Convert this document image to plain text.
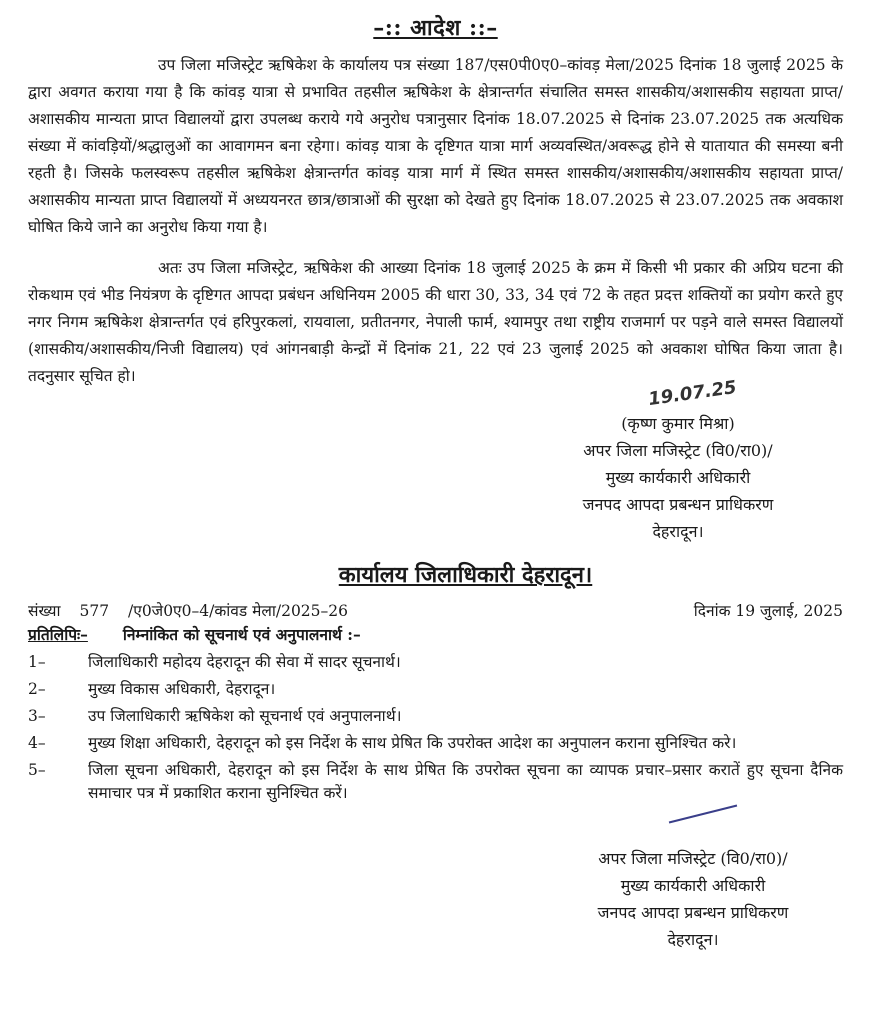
–:: आदेश ::–

उप जिला मजिस्ट्रेट ऋषिकेश के कार्यालय पत्र संख्या 187/एस0पी0ए0–कांवड़ मेला/2025 दिनांक 18 जुलाई 2025 के द्वारा अवगत कराया गया है कि कांवड़ यात्रा से प्रभावित तहसील ऋषिकेश के क्षेत्रान्तर्गत संचालित समस्त शासकीय/अशासकीय सहायता प्राप्त/अशासकीय मान्यता प्राप्त विद्यालयों द्वारा उपलब्ध कराये गये अनुरोध पत्रानुसार दिनांक 18.07.2025 से दिनांक 23.07.2025 तक अत्यधिक संख्या में कांवड़ियों/श्रद्धालुओं का आवागमन बना रहेगा। कांवड़ यात्रा के दृष्टिगत यात्रा मार्ग अव्यवस्थित/अवरूद्ध होने से यातायात की समस्या बनी रहती है। जिसके फलस्वरूप तहसील ऋषिकेश क्षेत्रान्तर्गत कांवड़ यात्रा मार्ग में स्थित समस्त शासकीय/अशासकीय/अशासकीय सहायता प्राप्त/अशासकीय मान्यता प्राप्त विद्यालयों में अध्ययनरत छात्र/छात्राओं की सुरक्षा को देखते हुए दिनांक 18.07.2025 से 23.07.2025 तक अवकाश घोषित किये जाने का अनुरोध किया गया है।

अतः उप जिला मजिस्ट्रेट, ऋषिकेश की आख्या दिनांक 18 जुलाई 2025 के क्रम में किसी भी प्रकार की अप्रिय घटना की रोकथाम एवं भीड नियंत्रण के दृष्टिगत आपदा प्रबंधन अधिनियम 2005 की धारा 30, 33, 34 एवं 72 के तहत प्रदत्त शक्तियों का प्रयोग करते हुए नगर निगम ऋषिकेश क्षेत्रान्तर्गत एवं हरिपुरकलां, रायवाला, प्रतीतनगर, नेपाली फार्म, श्यामपुर तथा राष्ट्रीय राजमार्ग पर पड़ने वाले समस्त विद्यालयों (शासकीय/अशासकीय/निजी विद्यालय) एवं आंगनबाड़ी केन्द्रों में दिनांक 21, 22 एवं 23 जुलाई 2025 को अवकाश घोषित किया जाता है। तदनुसार सूचित हो।

19.07.25
(कृष्ण कुमार मिश्रा)
अपर जिला मजिस्ट्रेट (वि0/रा0)/
मुख्य कार्यकारी अधिकारी
जनपद आपदा प्रबन्धन प्राधिकरण
देहरादून।
कार्यालय जिलाधिकारी देहरादून।
संख्या 577 /ए0जे0ए0–4/कांवड मेला/2025–26	दिनांक 19 जुलाई, 2025
प्रतिलिपिः– निम्नांकित को सूचनार्थ एवं अनुपालनार्थ :–
1–	जिलाधिकारी महोदय देहरादून की सेवा में सादर सूचनार्थ।
2–	मुख्य विकास अधिकारी, देहरादून।
3–	उप जिलाधिकारी ऋषिकेश को सूचनार्थ एवं अनुपालनार्थ।
4–	मुख्य शिक्षा अधिकारी, देहरादून को इस निर्देश के साथ प्रेषित कि उपरोक्त आदेश का अनुपालन कराना सुनिश्चित करे।
5–	जिला सूचना अधिकारी, देहरादून को इस निर्देश के साथ प्रेषित कि उपरोक्त सूचना का व्यापक प्रचार–प्रसार करातें हुए सूचना दैनिक समाचार पत्र में प्रकाशित कराना सुनिश्चित करें।
अपर जिला मजिस्ट्रेट (वि0/रा0)/
मुख्य कार्यकारी अधिकारी
जनपद आपदा प्रबन्धन प्राधिकरण
देहरादून।
